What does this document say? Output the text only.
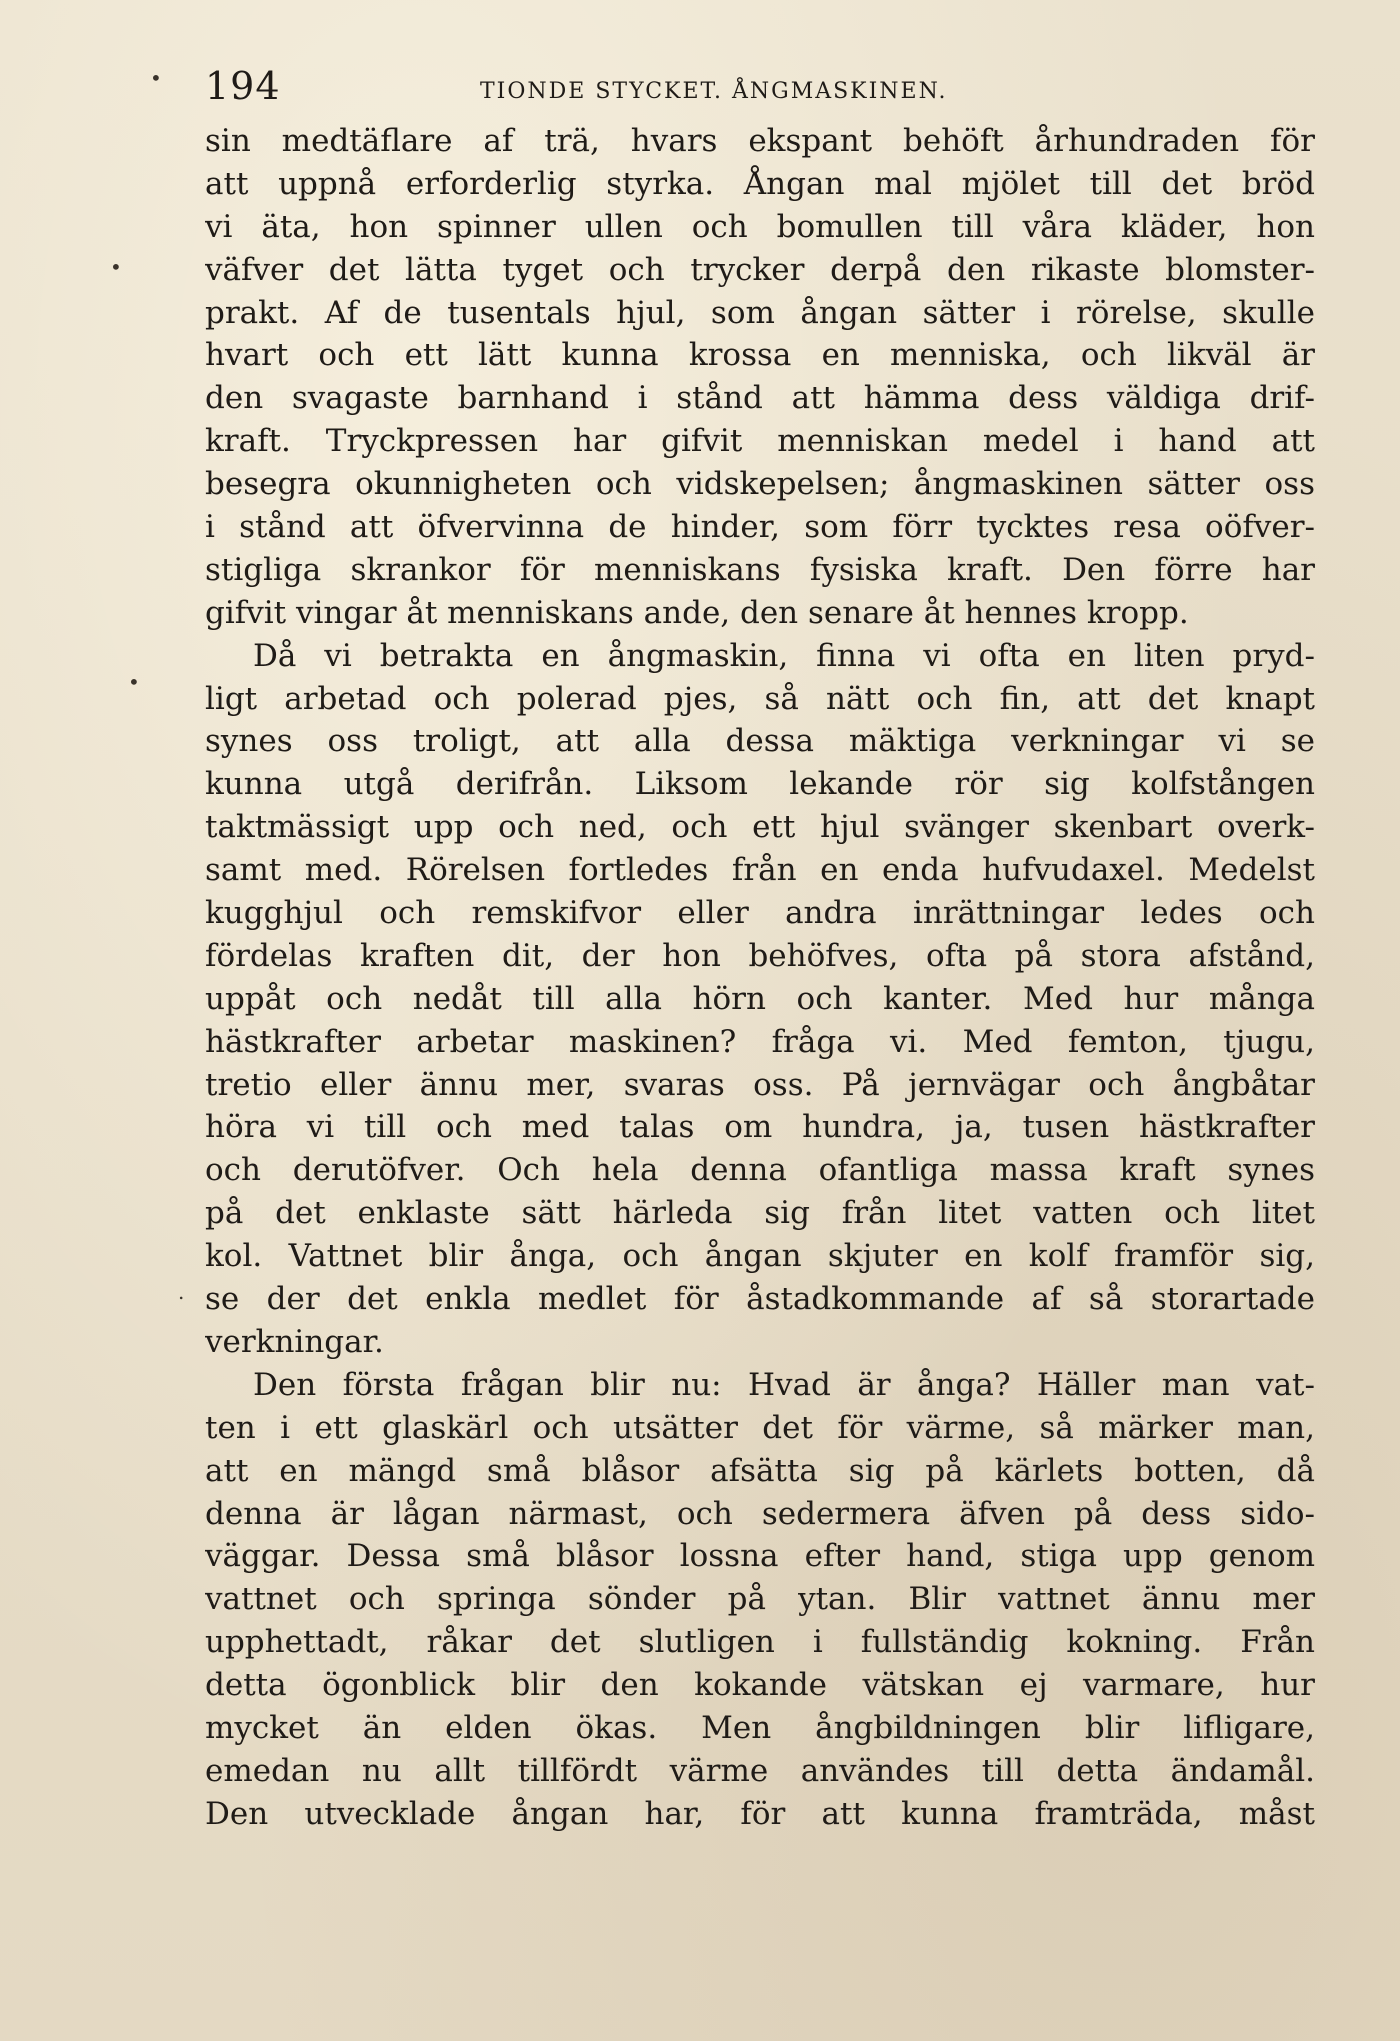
194	TIONDE STYCKET. ÅNGMASKINEN.
•
•
•
.
sin medtäflare af trä, hvars ekspant behöft århundraden för
att uppnå erforderlig styrka. Ångan mal mjölet till det bröd
vi äta, hon spinner ullen och bomullen till våra kläder, hon
väfver det lätta tyget och trycker derpå den rikaste blomster-
prakt. Af de tusentals hjul, som ångan sätter i rörelse, skulle
hvart och ett lätt kunna krossa en menniska, och likväl är
den svagaste barnhand i stånd att hämma dess väldiga drif-
kraft. Tryckpressen har gifvit menniskan medel i hand att
besegra okunnigheten och vidskepelsen; ångmaskinen sätter oss
i stånd att öfvervinna de hinder, som förr tycktes resa oöfver-
stigliga skrankor för menniskans fysiska kraft. Den förre har
gifvit vingar åt menniskans ande, den senare åt hennes kropp.
Då vi betrakta en ångmaskin, finna vi ofta en liten pryd-
ligt arbetad och polerad pjes, så nätt och fin, att det knapt
synes oss troligt, att alla dessa mäktiga verkningar vi se
kunna utgå derifrån. Liksom lekande rör sig kolfstången
taktmässigt upp och ned, och ett hjul svänger skenbart overk-
samt med. Rörelsen fortledes från en enda hufvudaxel. Medelst
kugghjul och remskifvor eller andra inrättningar ledes och
fördelas kraften dit, der hon behöfves, ofta på stora afstånd,
uppåt och nedåt till alla hörn och kanter. Med hur många
hästkrafter arbetar maskinen? fråga vi. Med femton, tjugu,
tretio eller ännu mer, svaras oss. På jernvägar och ångbåtar
höra vi till och med talas om hundra, ja, tusen hästkrafter
och derutöfver. Och hela denna ofantliga massa kraft synes
på det enklaste sätt härleda sig från litet vatten och litet
kol. Vattnet blir ånga, och ångan skjuter en kolf framför sig,
se der det enkla medlet för åstadkommande af så storartade
verkningar.
Den första frågan blir nu: Hvad är ånga? Häller man vat-
ten i ett glaskärl och utsätter det för värme, så märker man,
att en mängd små blåsor afsätta sig på kärlets botten, då
denna är lågan närmast, och sedermera äfven på dess sido-
väggar. Dessa små blåsor lossna efter hand, stiga upp genom
vattnet och springa sönder på ytan. Blir vattnet ännu mer
upphettadt, råkar det slutligen i fullständig kokning. Från
detta ögonblick blir den kokande vätskan ej varmare, hur
mycket än elden ökas. Men ångbildningen blir lifligare,
emedan nu allt tillfördt värme användes till detta ändamål.
Den utvecklade ångan har, för att kunna framträda, måst
